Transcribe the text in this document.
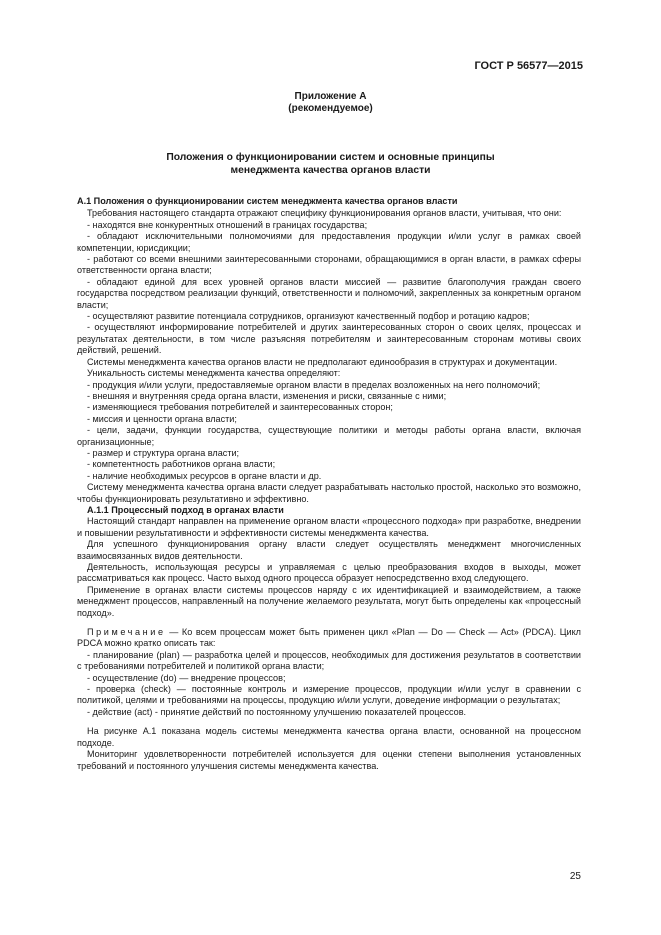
ГОСТ Р 56577—2015
Приложение А
(рекомендуемое)
Положения о функционировании систем и основные принципы
менеджмента качества органов власти

А.1 Положения о функционировании систем менеджмента качества органов власти

Требования настоящего стандарта отражают специфику функционирования органов власти, учитывая, что они:

- находятся вне конкурентных отношений в границах государства;

- обладают исключительными полномочиями для предоставления продукции и/или услуг в рамках своей компетенции, юрисдикции;

- работают со всеми внешними заинтересованными сторонами, обращающимися в орган власти, в рамках сферы ответственности органа власти;

- обладают единой для всех уровней органов власти миссией — развитие благополучия граждан своего государства посредством реализации функций, ответственности и полномочий, закрепленных за конкретным органом власти;

- осуществляют развитие потенциала сотрудников, организуют качественный подбор и ротацию кадров;

- осуществляют информирование потребителей и других заинтересованных сторон о своих целях, процессах и результатах деятельности, в том числе разъясняя потребителям и заинтересованным сторонам мотивы своих действий, решений.

Системы менеджмента качества органов власти не предполагают единообразия в структурах и документации.

Уникальность системы менеджмента качества определяют:

- продукция и/или услуги, предоставляемые органом власти в пределах возложенных на него полномочий;

- внешняя и внутренняя среда органа власти, изменения и риски, связанные с ними;

- изменяющиеся требования потребителей и заинтересованных сторон;

- миссия и ценности органа власти;

- цели, задачи, функции государства, существующие политики и методы работы органа власти, включая организационные;

- размер и структура органа власти;

- компетентность работников органа власти;

- наличие необходимых ресурсов в органе власти и др.

Систему менеджмента качества органа власти следует разрабатывать настолько простой, насколько это возможно, чтобы функционировать результативно и эффективно.

А.1.1 Процессный подход в органах власти

Настоящий стандарт направлен на применение органом власти «процессного подхода» при разработке, внедрении и повышении результативности и эффективности системы менеджмента качества.

Для успешного функционирования органу власти следует осуществлять менеджмент многочисленных взаимосвязанных видов деятельности.

Деятельность, использующая ресурсы и управляемая с целью преобразования входов в выходы, может рассматриваться как процесс. Часто выход одного процесса образует непосредственно вход следующего.

Применение в органах власти системы процессов наряду с их идентификацией и взаимодействием, а также менеджмент процессов, направленный на получение желаемого результата, могут быть определены как «процессный подход».

Примечание — Ко всем процессам может быть применен цикл «Plan — Do — Check — Act» (PDCA). Цикл PDCA можно кратко описать так:

- планирование (plan) — разработка целей и процессов, необходимых для достижения результатов в соответствии с требованиями потребителей и политикой органа власти;

- осуществление (do) — внедрение процессов;

- проверка (check) — постоянные контроль и измерение процессов, продукции и/или услуг в сравнении с политикой, целями и требованиями на процессы, продукцию и/или услуги, доведение информации о результатах;

- действие (act) - принятие действий по постоянному улучшению показателей процессов.

На рисунке А.1 показана модель системы менеджмента качества органа власти, основанной на процессном подходе.

Мониторинг удовлетворенности потребителей используется для оценки степени выполнения установленных требований и постоянного улучшения системы менеджмента качества.

25
